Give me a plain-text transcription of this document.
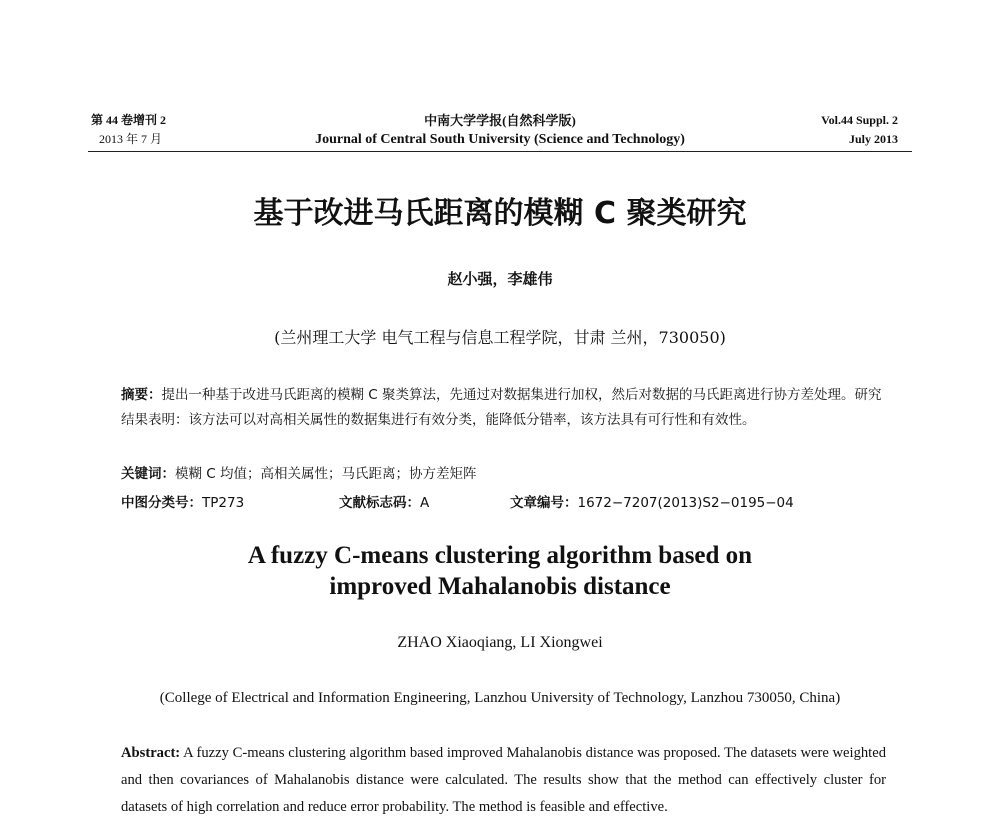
第 44 卷增刊 2
2013 年 7 月
中南大学学报(自然科学版)
Journal of Central South University (Science and Technology)
Vol.44 Suppl. 2
July 2013
基于改进马氏距离的模糊 C 聚类研究
赵小强，李雄伟
(兰州理工大学 电气工程与信息工程学院，甘肃 兰州，730050)
摘要：提出一种基于改进马氏距离的模糊 C 聚类算法，先通过对数据集进行加权，然后对数据的马氏距离进行协方差处理。研究结果表明：该方法可以对高相关属性的数据集进行有效分类，能降低分错率，该方法具有可行性和有效性。
关键词：模糊 C 均值；高相关属性；马氏距离；协方差矩阵
中图分类号：TP273	文献标志码：A	文章编号：1672−7207(2013)S2−0195−04
A fuzzy C-means clustering algorithm based on
improved Mahalanobis distance
ZHAO Xiaoqiang, LI Xiongwei
(College of Electrical and Information Engineering, Lanzhou University of Technology, Lanzhou 730050, China)
Abstract: A fuzzy C-means clustering algorithm based improved Mahalanobis distance was proposed. The datasets were weighted and then covariances of Mahalanobis distance were calculated. The results show that the method can effectively cluster for datasets of high correlation and reduce error probability. The method is feasible and effective.
